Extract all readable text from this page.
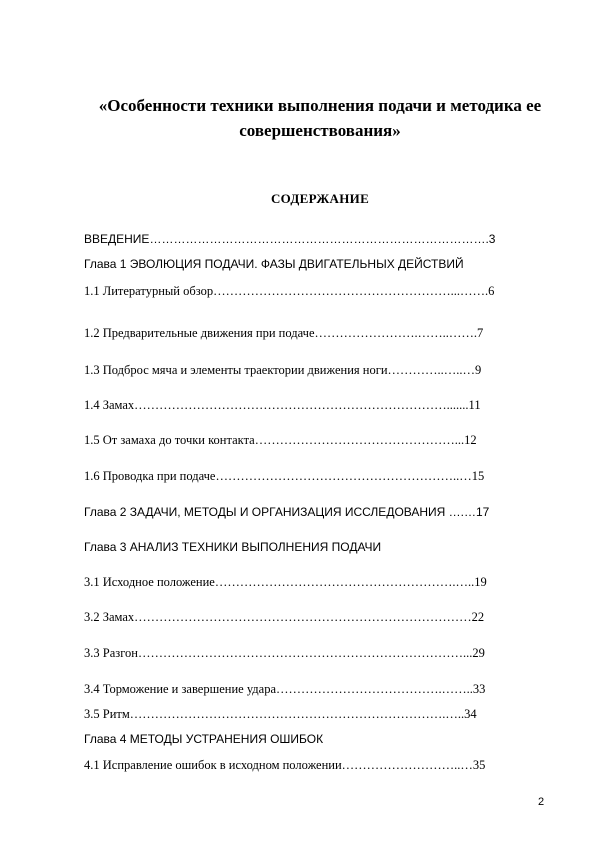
«Особенности техники выполнения подачи и методика ее
совершенствования»
СОДЕРЖАНИЕ
ВВЕДЕНИЕ………………………………………………………………………….3
Глава 1 ЭВОЛЮЦИЯ ПОДАЧИ. ФАЗЫ ДВИГАТЕЛЬНЫХ ДЕЙСТВИЙ
1.1 Литературный обзор…………………………………………………...…….6
1.2 Предварительные движения при подаче…………………….……..…….7
1.3 Подброс мяча и элементы траектории движения ноги…………..…..…9
1.4 Замах………………………………………………………………….......11
1.5 От замаха до точки контакта…………………………………………...12
1.6 Проводка при подаче…………………………………………………..…15
Глава 2 ЗАДАЧИ, МЕТОДЫ И ОРГАНИЗАЦИЯ ИССЛЕДОВАНИЯ ….…17
Глава 3 АНАЛИЗ ТЕХНИКИ ВЫПОЛНЕНИЯ ПОДАЧИ
3.1 Исходное положение………………………………………………….…..19
3.2 Замах………………………………………………………………………22
3.3 Разгон……………………………………………………………………...29
3.4 Торможение и завершение удара………………………………….……..33
3.5 Ритм………………………………………………………………….…..34
Глава 4 МЕТОДЫ УСТРАНЕНИЯ ОШИБОК
4.1 Исправление ошибок в исходном положении………………………..…35
2
